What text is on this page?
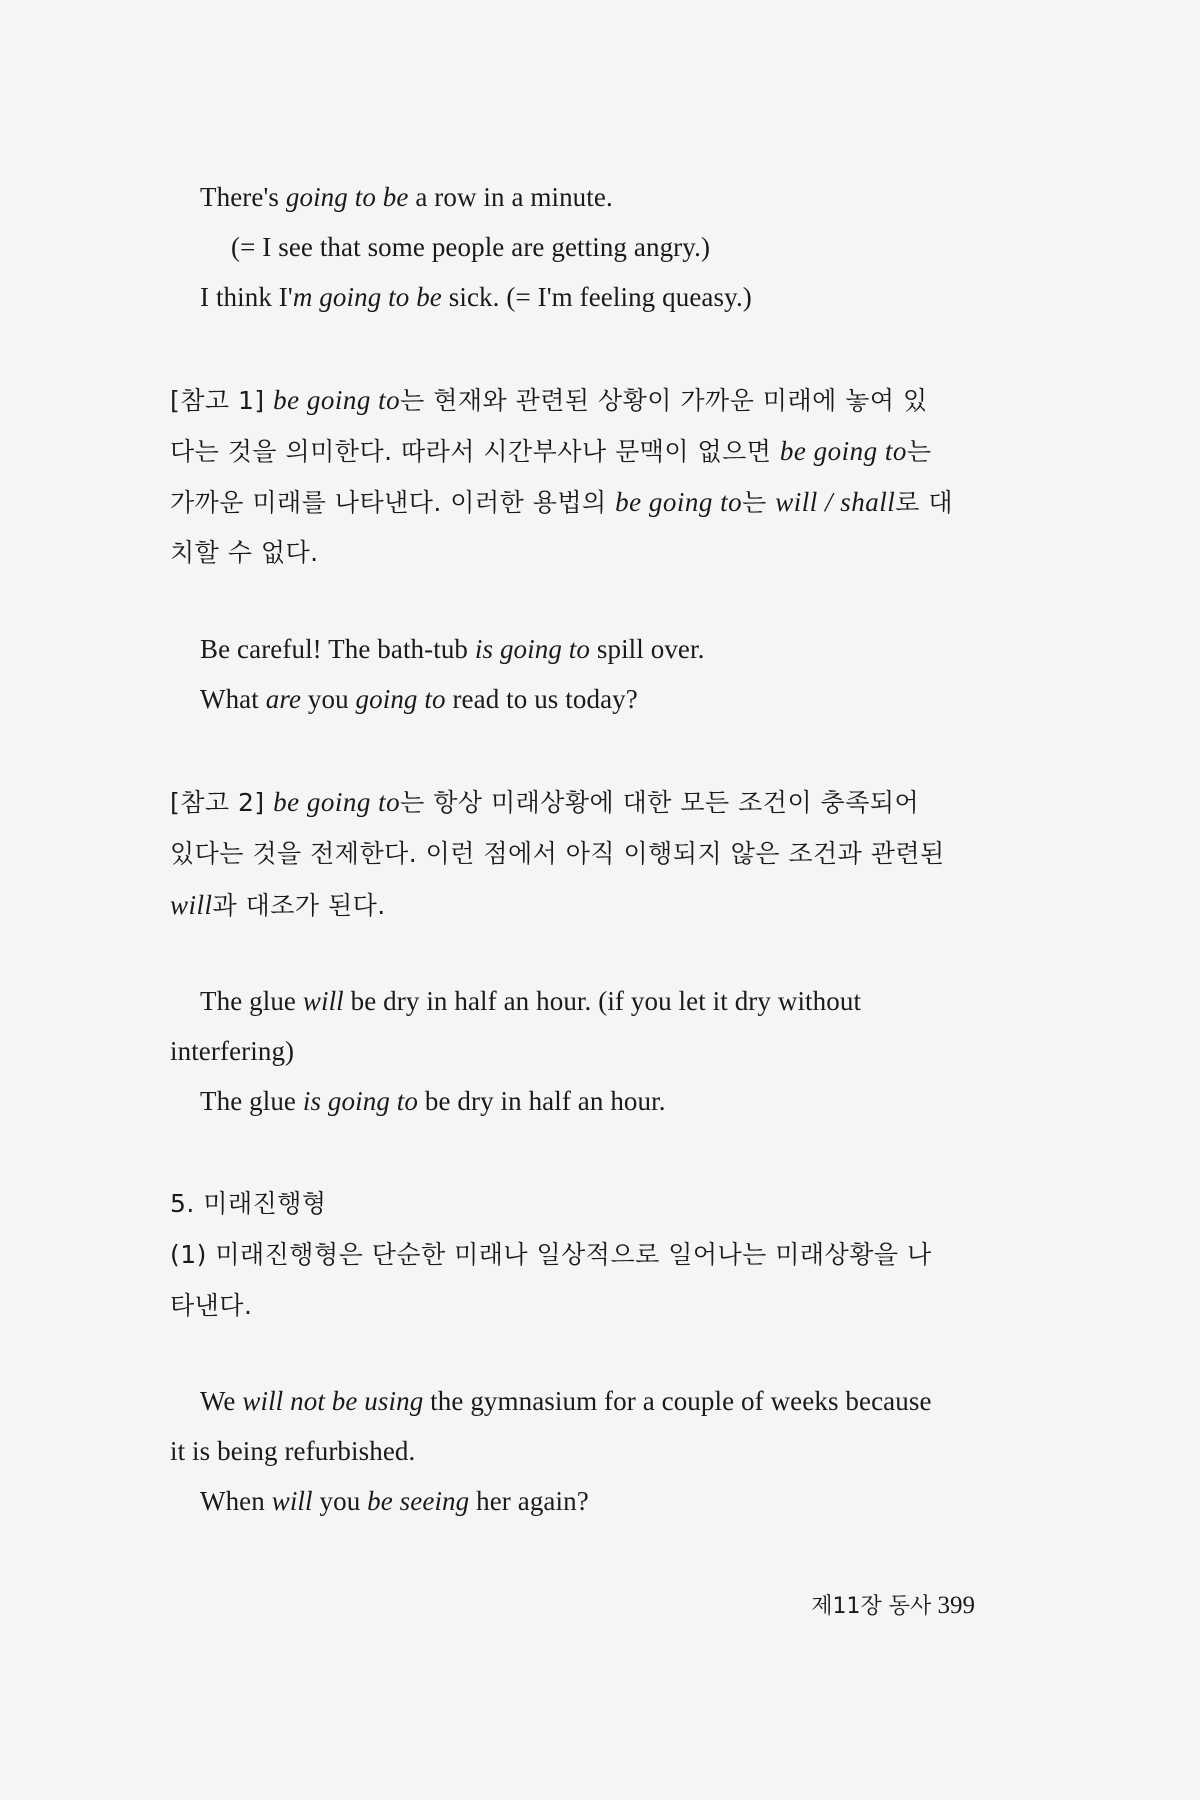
There's going to be a row in a minute.
(= I see that some people are getting angry.)
I think I'm going to be sick. (= I'm feeling queasy.)
[참고 1] be going to는 현재와 관련된 상황이 가까운 미래에 놓여 있
다는 것을 의미한다. 따라서 시간부사나 문맥이 없으면 be going to는
가까운 미래를 나타낸다. 이러한 용법의 be going to는 will / shall로 대
치할 수 없다.
Be careful! The bath-tub is going to spill over.
What are you going to read to us today?
[참고 2] be going to는 항상 미래상황에 대한 모든 조건이 충족되어
있다는 것을 전제한다. 이런 점에서 아직 이행되지 않은 조건과 관련된
will과 대조가 된다.
The glue will be dry in half an hour. (if you let it dry without
interfering)
The glue is going to be dry in half an hour.
5. 미래진행형
(1) 미래진행형은 단순한 미래나 일상적으로 일어나는 미래상황을 나
타낸다.
We will not be using the gymnasium for a couple of weeks because
it is being refurbished.
When will you be seeing her again?
제11장 동사 399
